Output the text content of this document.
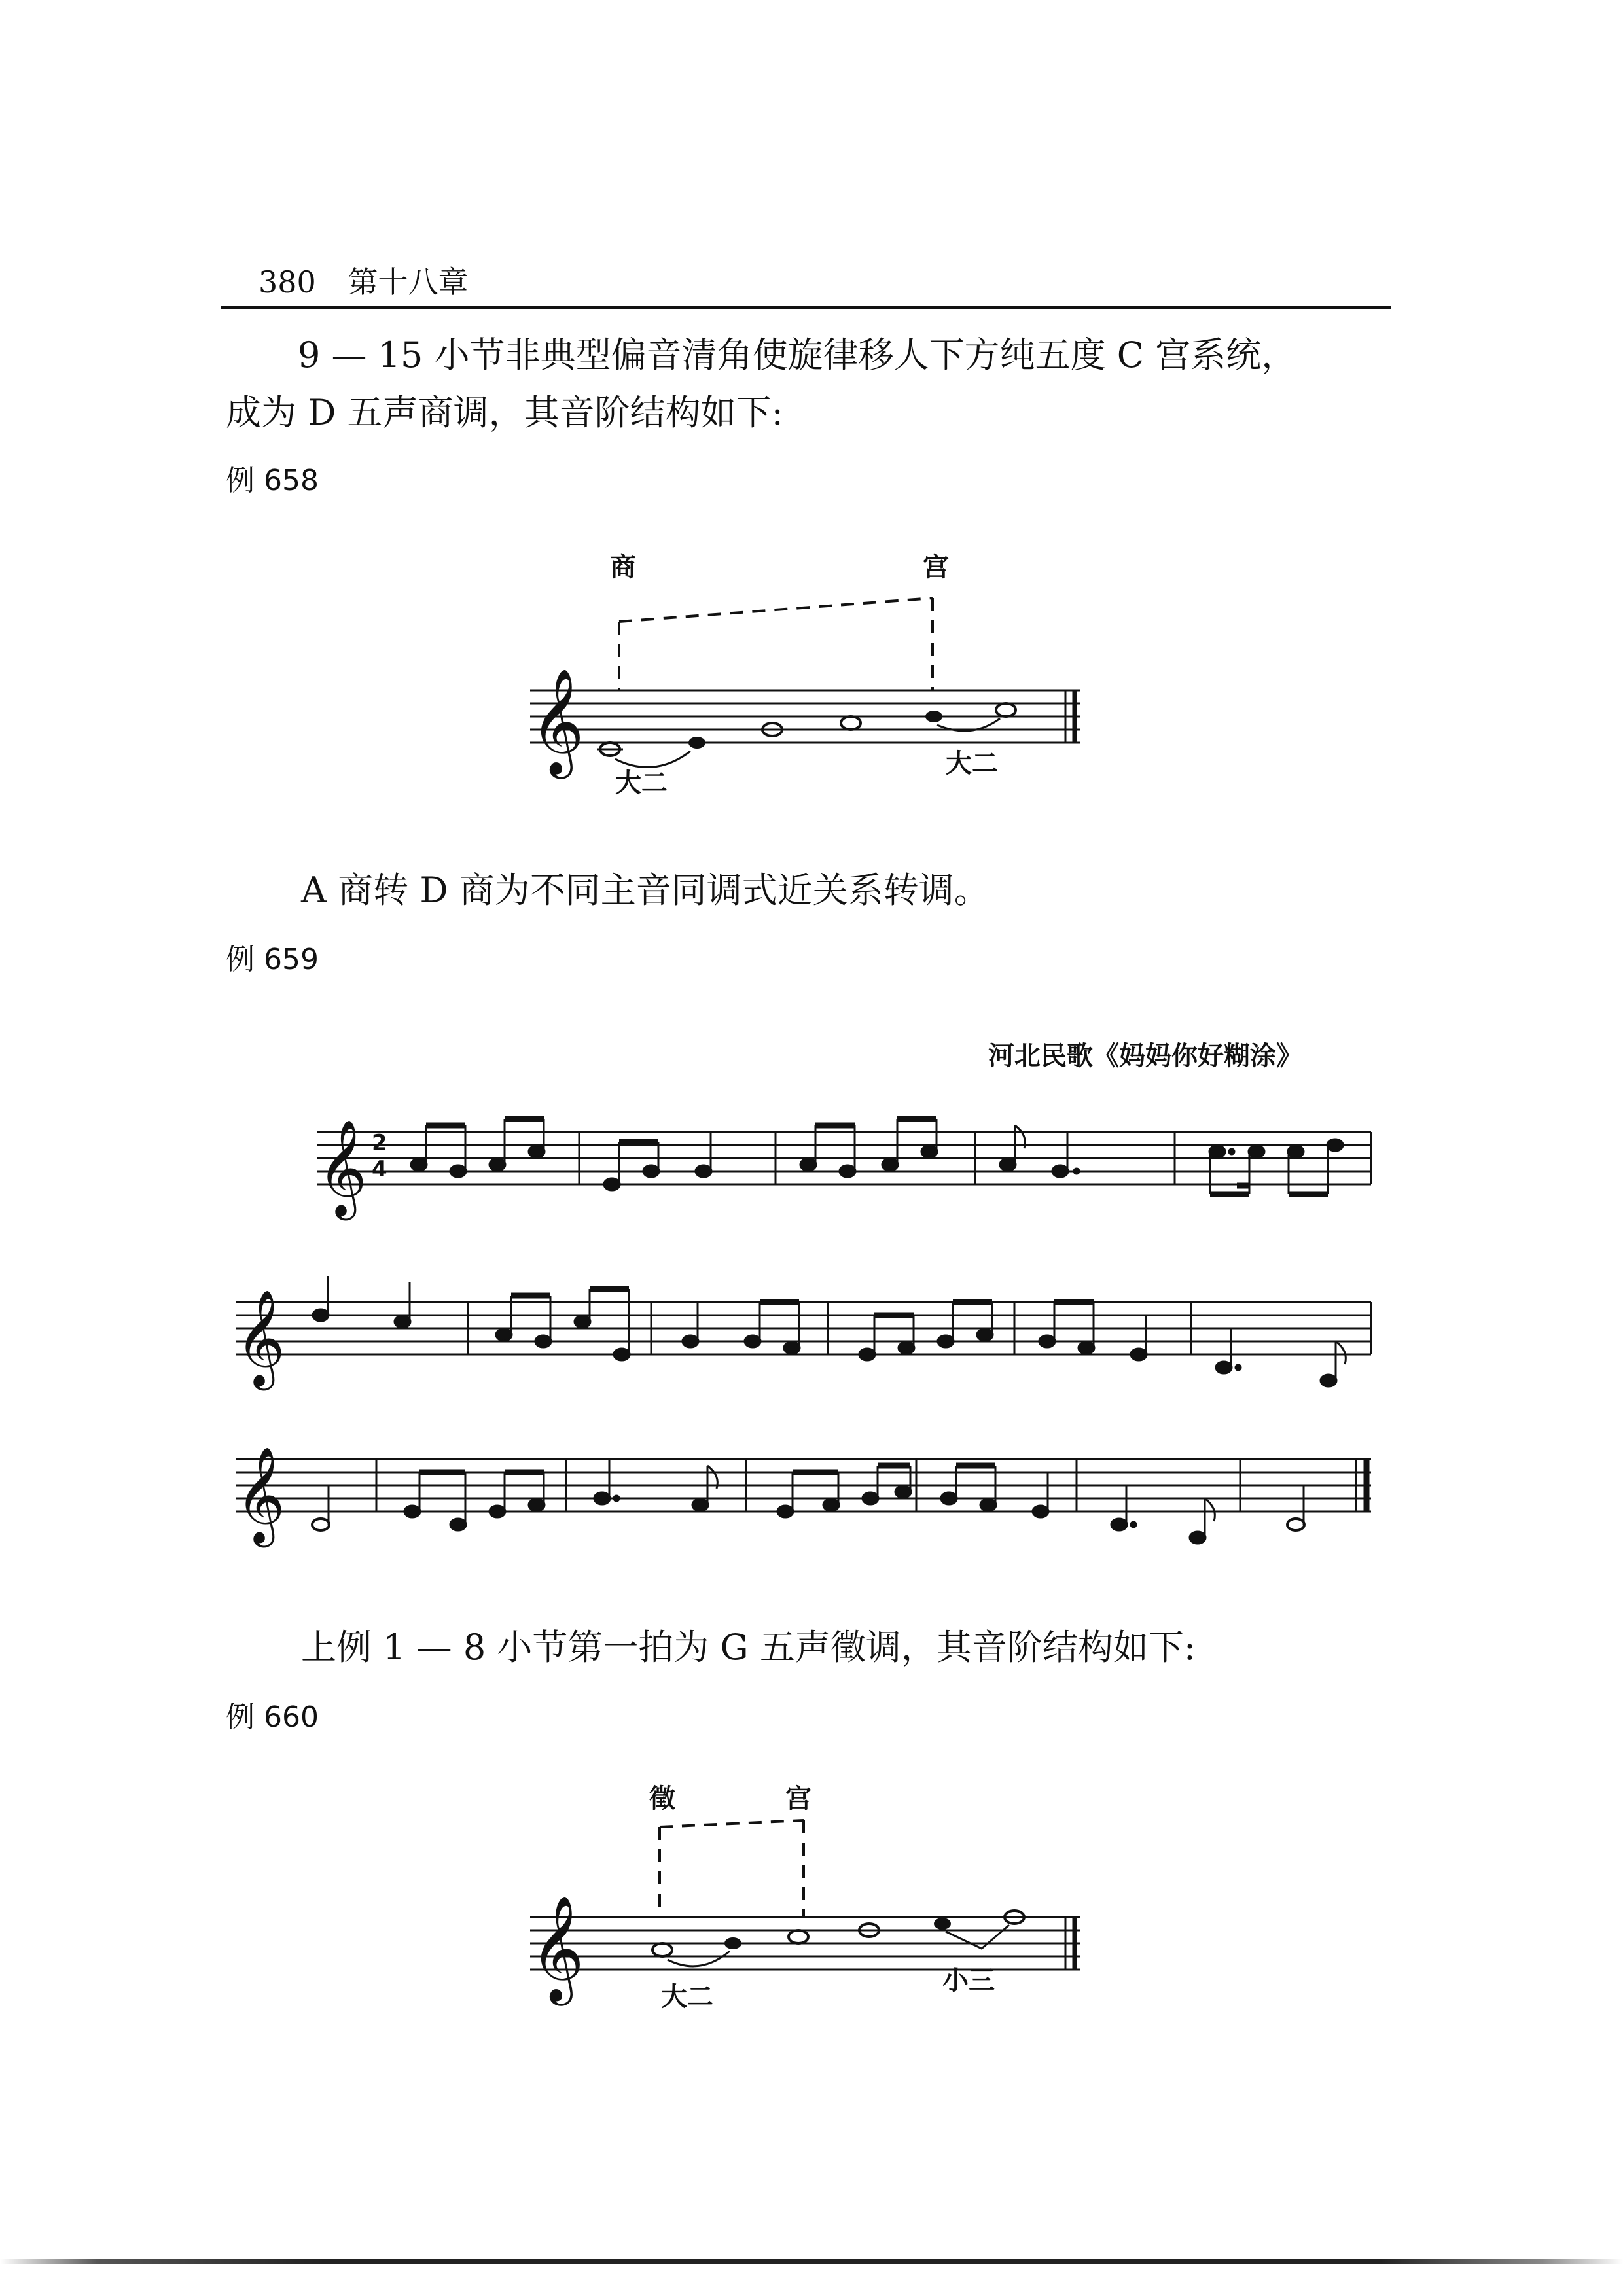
380 第十八章
9 — 15 小节非典型偏音清角使旋律移人下方纯五度 C 宫系统，
成为 D 五声商调，其音阶结构如下:
例 658
𝄞
商	宫
大二
大二
A 商转 D 商为不同主音同调式近关系转调。
例 659
河北民歌《妈妈你好糊涂》
𝄞 2
4
𝄞
𝄞
上例 1 — 8 小节第一拍为 G 五声徵调，其音阶结构如下:
例 660
𝄞
徵	宫
大二
小三
